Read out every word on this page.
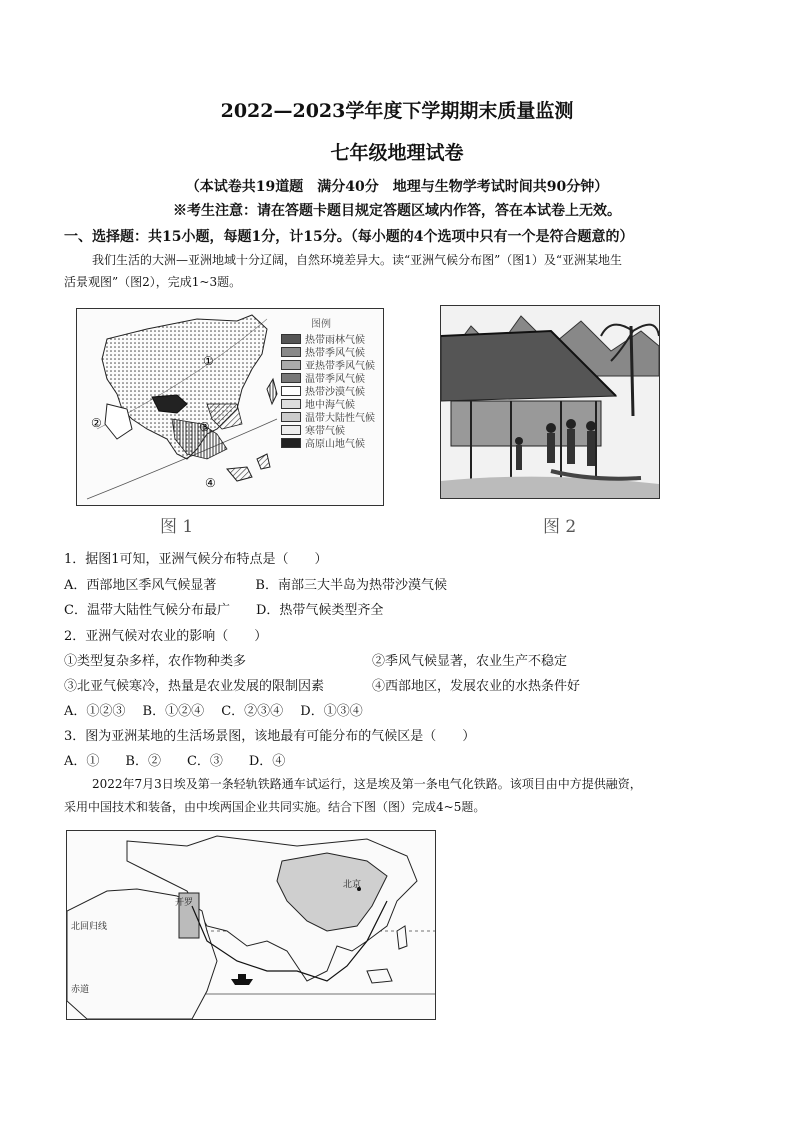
2022—2023学年度下学期期末质量监测
七年级地理试卷
（本试卷共19道题　满分40分　地理与生物学考试时间共90分钟）
※考生注意：请在答题卡题目规定答题区域内作答，答在本试卷上无效。
一、选择题：共15小题，每题1分，计15分。（每小题的4个选项中只有一个是符合题意的）
我们生活的大洲—亚洲地域十分辽阔，自然环境差异大。读“亚洲气候分布图”（图1）及“亚洲某地生
活景观图”（图2），完成1~3题。
①
②	③
④
图例
热带雨林气候
热带季风气候
亚热带季风气候
温带季风气候
热带沙漠气候
地中海气候
温带大陆性气候
寒带气候
高原山地气候
图 1	图 2
1．据图1可知，亚洲气候分布特点是（　　）
A．西部地区季风气候显著　　　B．南部三大半岛为热带沙漠气候
C．温带大陆性气候分布最广　　D．热带气候类型齐全
2．亚洲气候对农业的影响（　　）
①类型复杂多样，农作物种类多	②季风气候显著，农业生产不稳定
③北亚气候寒冷，热量是农业发展的限制因素	④西部地区，发展农业的水热条件好
A．①②③　 B．①②④　 C．②③④　 D．①③④
3．图为亚洲某地的生活场景图，该地最有可能分布的气候区是（　　）
A．①　　B．②　　C．③　　D．④
2022年7月3日埃及第一条轻轨铁路通车试运行，这是埃及第一条电气化铁路。该项目由中方提供融资，
采用中国技术和装备，由中埃两国企业共同实施。结合下图（图）完成4~5题。
北京
开罗
北回归线
赤道
